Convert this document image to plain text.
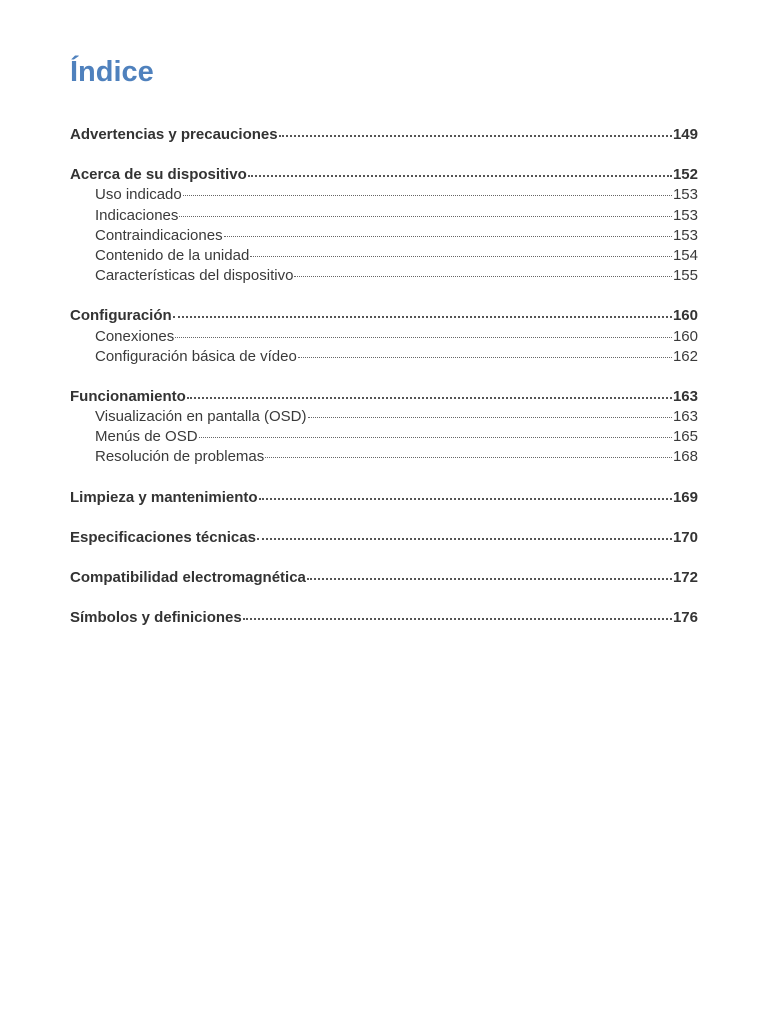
Índice
Advertencias y precauciones	149
Acerca de su dispositivo	152
Uso indicado	153
Indicaciones	153
Contraindicaciones	153
Contenido de la unidad	154
Características del dispositivo	155
Configuración	160
Conexiones	160
Configuración básica de vídeo	162
Funcionamiento	163
Visualización en pantalla (OSD)	163
Menús de OSD	165
Resolución de problemas	168
Limpieza y mantenimiento	169
Especificaciones técnicas	170
Compatibilidad electromagnética	172
Símbolos y definiciones	176
